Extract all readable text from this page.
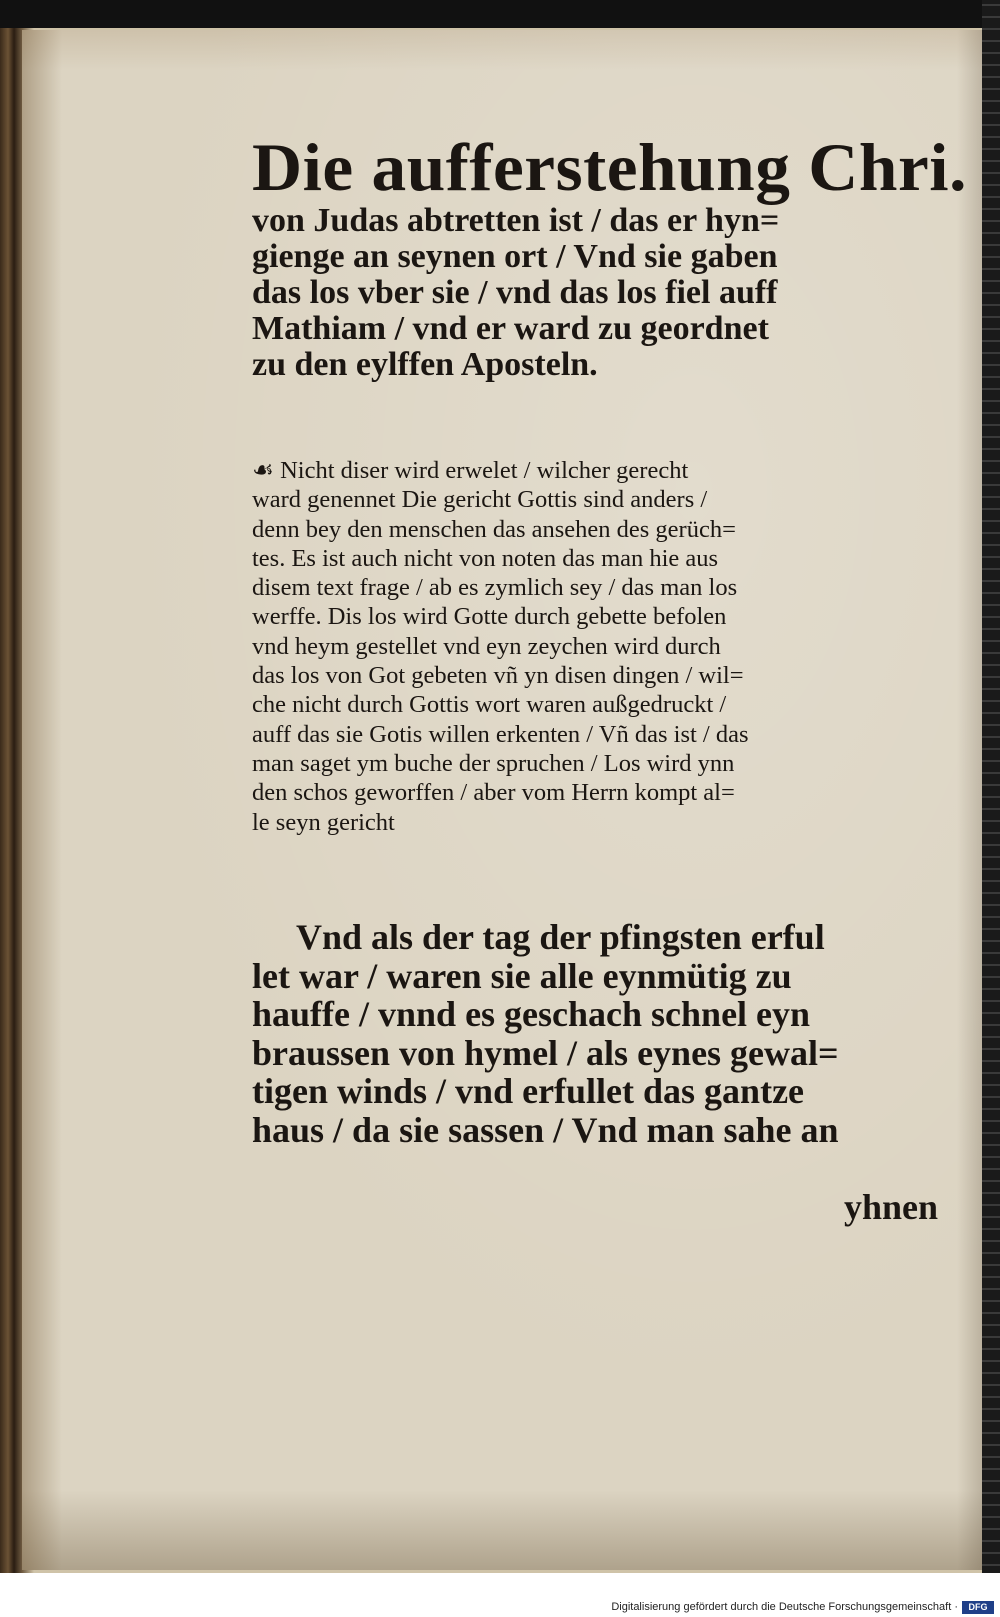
Die aufferstehung Chri.
von Judas abtretten ist / das er hyn=
gienge an seynen ort / Vnd sie gaben
das los vber sie / vnd das los fiel auff
Mathiam / vnd er ward zu geordnet
zu den eylffen Aposteln.
☙ Nicht diser wird erwelet / wilcher gerecht
ward genennet Die gericht Gottis sind anders /
denn bey den menschen das ansehen des gerüch=
tes. Es ist auch nicht von noten das man hie aus
disem text frage / ab es zymlich sey / das man los
werffe. Dis los wird Gotte durch gebette befolen
vnd heym gestellet vnd eyn zeychen wird durch
das los von Got gebeten vñ yn disen dingen / wil=
che nicht durch Gottis wort waren außgedruckt /
auff das sie Gotis willen erkenten / Vñ das ist / das
man saget ym buche der spruchen / Los wird ynn
den schos geworffen / aber vom Herrn kompt al=
le seyn gericht
Vnd als der tag der pfingsten erful
let war / waren sie alle eynmütig zu
hauffe / vnnd es geschach schnel eyn
braussen von hymel / als eynes gewal=
tigen winds / vnd erfullet das gantze
haus / da sie sassen / Vnd man sahe an
yhnen
Digitalisierung gefördert durch die Deutsche Forschungsgemeinschaft ·	DFG
